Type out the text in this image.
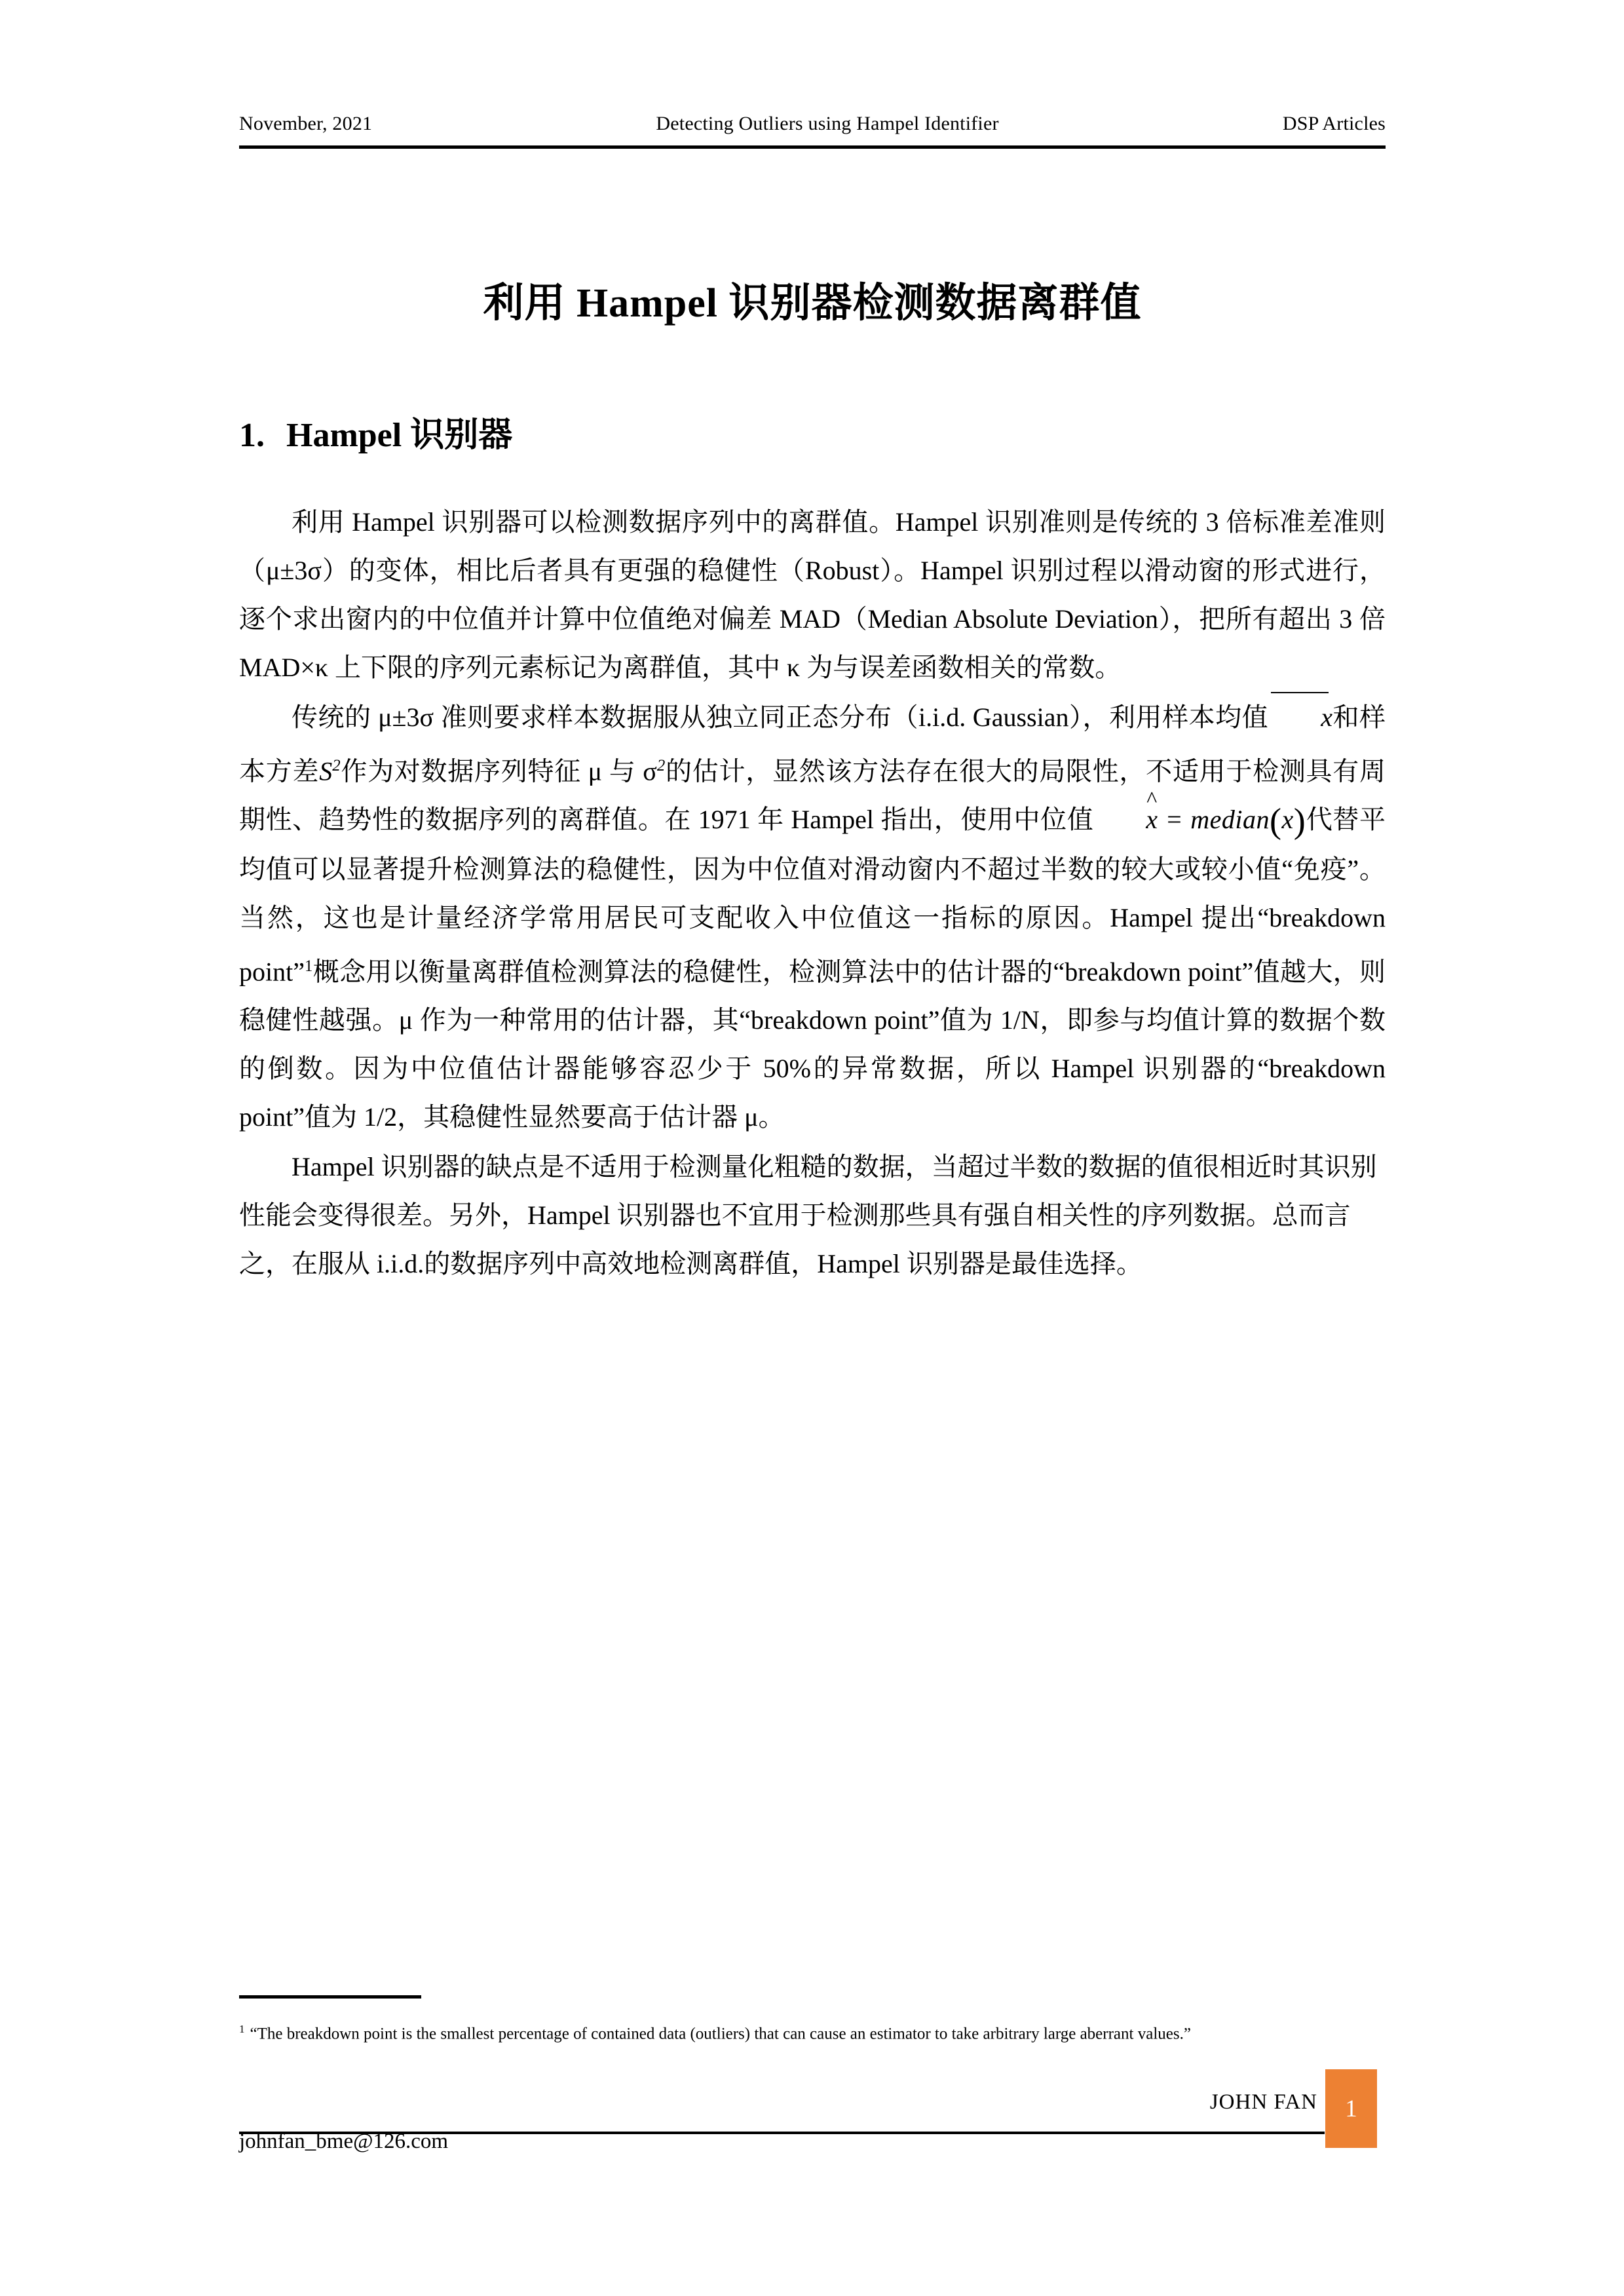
November, 2021	Detecting Outliers using Hampel Identifier	DSP Articles
利用 Hampel 识别器检测数据离群值
1. Hampel 识别器

利用 Hampel 识别器可以检测数据序列中的离群值。Hampel 识别准则是传统的 3 倍标准差准则（μ±3σ）的变体，相比后者具有更强的稳健性（Robust）。Hampel 识别过程以滑动窗的形式进行，逐个求出窗内的中位值并计算中位值绝对偏差 MAD（Median Absolute Deviation），把所有超出 3 倍 MAD×κ 上下限的序列元素标记为离群值，其中 κ 为与误差函数相关的常数。

传统的 μ±3σ 准则要求样本数据服从独立同正态分布（i.i.d. Gaussian），利用样本均值 x和样本方差$S^2$作为对数据序列特征 μ 与 $\sigma^2$的估计，显然该方法存在很大的局限性，不适用于检测具有周期性、趋势性的数据序列的离群值。在 1971 年 Hampel 指出，使用中位值 x ^ = median(x)代替平均值可以显著提升检测算法的稳健性，因为中位值对滑动窗内不超过半数的较大或较小值“免疫”。当然，这也是计量经济学常用居民可支配收入中位值这一指标的原因。Hampel 提出“breakdown point”$^1$概念用以衡量离群值检测算法的稳健性，检测算法中的估计器的“breakdown point”值越大，则稳健性越强。μ 作为一种常用的估计器，其“breakdown point”值为 1/N，即参与均值计算的数据个数的倒数。因为中位值估计器能够容忍少于 50%的异常数据，所以 Hampel 识别器的“breakdown point”值为 1/2，其稳健性显然要高于估计器 μ。

Hampel 识别器的缺点是不适用于检测量化粗糙的数据，当超过半数的数据的值很相近时其识别性能会变得很差。另外，Hampel 识别器也不宜用于检测那些具有强自相关性的序列数据。总而言之，在服从 i.i.d.的数据序列中高效地检测离群值，Hampel 识别器是最佳选择。

$^1$ “The breakdown point is the smallest percentage of contained data (outliers) that can cause an estimator to take arbitrary large aberrant values.”
JOHN FAN	1
johnfan_bme@126.com
